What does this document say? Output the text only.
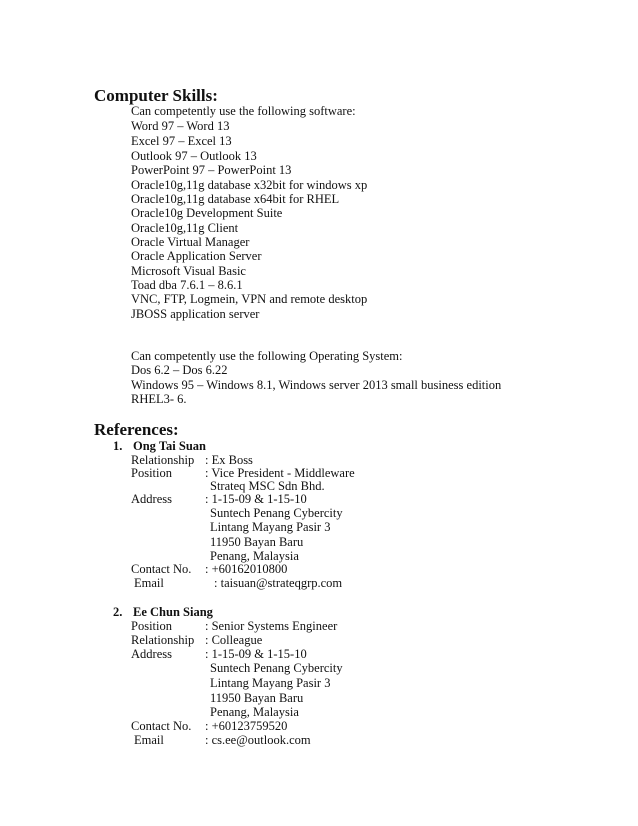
Computer Skills:

Can competently use the following software:

Word 97 – Word 13

Excel 97 – Excel 13

Outlook 97 – Outlook 13

PowerPoint 97 – PowerPoint 13

Oracle10g,11g database x32bit for windows xp

Oracle10g,11g database x64bit for RHEL

Oracle10g Development Suite

Oracle10g,11g Client

Oracle Virtual Manager

Oracle Application Server

Microsoft Visual Basic

Toad dba 7.6.1 – 8.6.1

VNC, FTP, Logmein, VPN and remote desktop

JBOSS application server

Can competently use the following Operating System:

Dos 6.2 – Dos 6.22

Windows 95 – Windows 8.1, Windows server 2013 small business edition

RHEL3- 6.

References:
1. Ong Tai Suan
Relationship : Ex Boss
Position	: Vice President - Middleware
Strateq MSC Sdn Bhd.
Address	: 1-15-09 & 1-15-10
Suntech Penang Cybercity
Lintang Mayang Pasir 3
11950 Bayan Baru
Penang, Malaysia
Contact No. : +60162010800
Email	: taisuan@strateqgrp.com
2. Ee Chun Siang
Position	: Senior Systems Engineer
Relationship : Colleague
Address	: 1-15-09 & 1-15-10
Suntech Penang Cybercity
Lintang Mayang Pasir 3
11950 Bayan Baru
Penang, Malaysia
Contact No. : +60123759520
Email	: cs.ee@outlook.com
